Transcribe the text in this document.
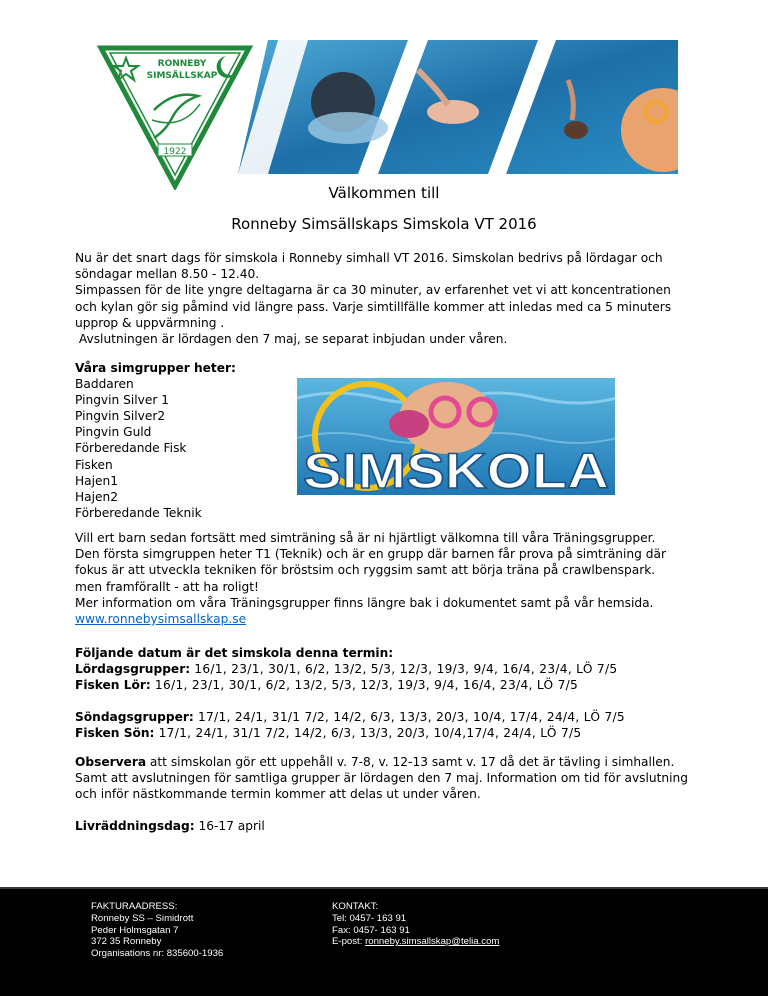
RONNEBY
SIMSÄLLSKAP
1922
Välkommen till
Ronneby Simsällskaps Simskola VT 2016

Nu är det snart dags för simskola i Ronneby simhall VT 2016. Simskolan bedrivs på lördagar och

söndagar mellan 8.50 - 12.40.

Simpassen för de lite yngre deltagarna är ca 30 minuter, av erfarenhet vet vi att koncentrationen

och kylan gör sig påmind vid längre pass. Varje simtillfälle kommer att inledas med ca 5 minuters

upprop & uppvärmning .

Avslutningen är lördagen den 7 maj, se separat inbjudan under våren.

Våra simgrupper heter:
Baddaren
Pingvin Silver 1
Pingvin Silver2
Pingvin Guld
Förberedande Fisk
Fisken
Hajen1
Hajen2
Förberedande Teknik
SIMSKOLA

Vill ert barn sedan fortsätt med simträning så är ni hjärtligt välkomna till våra Träningsgrupper.

Den första simgruppen heter T1 (Teknik) och är en grupp där barnen får prova på simträning där

fokus är att utveckla tekniken för bröstsim och ryggsim samt att börja träna på crawlbenspark.

men framförallt - att ha roligt!

Mer information om våra Träningsgrupper finns längre bak i dokumentet samt på vår hemsida.

www.ronnebysimsallskap.se

Följande datum är det simskola denna termin:

Lördagsgrupper: 16/1, 23/1, 30/1, 6/2, 13/2, 5/3, 12/3, 19/3, 9/4, 16/4, 23/4, LÖ 7/5

Fisken Lör: 16/1, 23/1, 30/1, 6/2, 13/2, 5/3, 12/3, 19/3, 9/4, 16/4, 23/4, LÖ 7/5

Söndagsgrupper: 17/1, 24/1, 31/1 7/2, 14/2, 6/3, 13/3, 20/3, 10/4, 17/4, 24/4, LÖ 7/5

Fisken Sön: 17/1, 24/1, 31/1 7/2, 14/2, 6/3, 13/3, 20/3, 10/4,17/4, 24/4, LÖ 7/5

Observera att simskolan gör ett uppehåll v. 7-8, v. 12-13 samt v. 17 då det är tävling i simhallen.

Samt att avslutningen för samtliga grupper är lördagen den 7 maj. Information om tid för avslutning

och inför nästkommande termin kommer att delas ut under våren.

Livräddningsdag: 16-17 april

FAKTURAADRESS:
Ronneby SS – Simidrott
Peder Holmsgatan 7
372 35 Ronneby
Organisations nr: 835600-1936
KONTAKT:
Tel: 0457- 163 91
Fax: 0457- 163 91
E-post: ronneby.simsallskap@telia.com
